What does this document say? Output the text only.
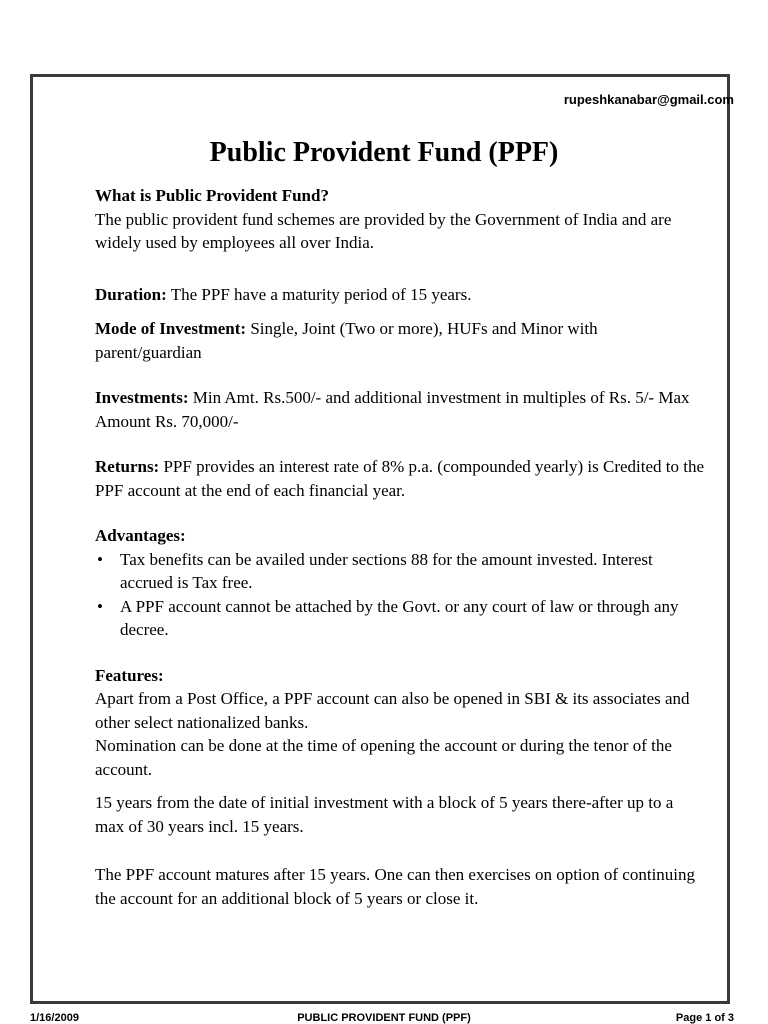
rupeshkanabar@gmail.com
Public Provident Fund (PPF)

What is Public Provident Fund?

The public provident fund schemes are provided by the Government of India and are widely used by employees all over India.

Duration: The PPF have a maturity period of 15 years.

Mode of Investment: Single, Joint (Two or more), HUFs and Minor with parent/guardian

Investments: Min Amt. Rs.500/- and additional investment in multiples of Rs. 5/- Max Amount Rs. 70,000/-

Returns: PPF provides an interest rate of 8% p.a. (compounded yearly) is Credited to the PPF account at the end of each financial year.

Advantages:

• Tax benefits can be availed under sections 88 for the amount invested. Interest accrued is Tax free.
• A PPF account cannot be attached by the Govt. or any court of law or through any decree.

Features:

Apart from a Post Office, a PPF account can also be opened in SBI & its associates and other select nationalized banks.

Nomination can be done at the time of opening the account or during the tenor of the account.

15 years from the date of initial investment with a block of 5 years there-after up to a max of 30 years incl. 15 years.

The PPF account matures after 15 years. One can then exercises on option of continuing the account for an additional block of 5 years or close it.

1/16/2009	PUBLIC PROVIDENT FUND (PPF)	Page 1 of 3
